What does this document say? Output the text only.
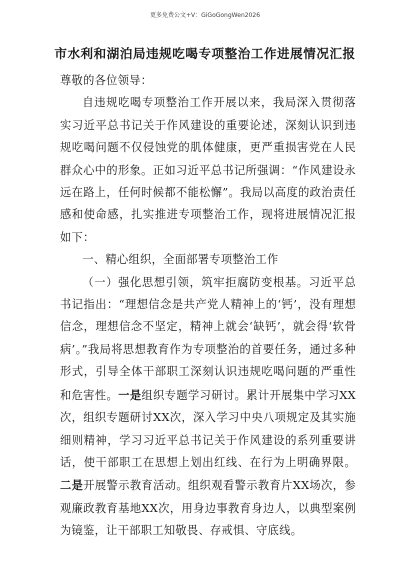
更多免费公文+V：GiGoGongWen2026
市水利和湖泊局违规吃喝专项整治工作进展情况汇报

尊敬的各位领导：

自违规吃喝专项整治工作开展以来，我局深入贯彻落实习近平总书记关于作风建设的重要论述，深刻认识到违规吃喝问题不仅侵蚀党的肌体健康，更严重损害党在人民群众心中的形象。正如习近平总书记所强调：“作风建设永远在路上，任何时候都不能松懈”。我局以高度的政治责任感和使命感，扎实推进专项整治工作，现将进展情况汇报如下：

一、精心组织，全面部署专项整治工作

（一）强化思想引领，筑牢拒腐防变根基。习近平总书记指出：“理想信念是共产党人精神上的‘钙’，没有理想信念，理想信念不坚定，精神上就会‘缺钙’，就会得‘软骨病’。”我局将思想教育作为专项整治的首要任务，通过多种形式，引导全体干部职工深刻认识违规吃喝问题的严重性和危害性。一是组织专题学习研讨。累计开展集中学习XX次，组织专题研讨XX次，深入学习中央八项规定及其实施细则精神，学习习近平总书记关于作风建设的系列重要讲话，使干部职工在思想上划出红线、在行为上明确界限。二是开展警示教育活动。组织观看警示教育片XX场次，参观廉政教育基地XX次，用身边事教育身边人，以典型案例为镜鉴，让干部职工知敬畏、存戒惧、守底线。
